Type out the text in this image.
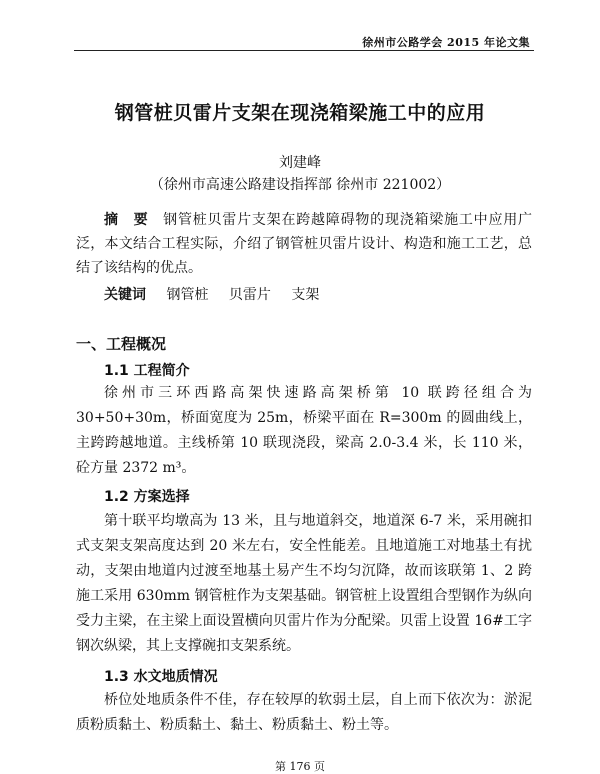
徐州市公路学会 2015 年论文集
钢管桩贝雷片支架在现浇箱梁施工中的应用
刘建峰
（徐州市高速公路建设指挥部 徐州市 221002）
摘　要　 钢管桩贝雷片支架在跨越障碍物的现浇箱梁施工中应用广泛，本文结合工程实际，介绍了钢管桩贝雷片设计、构造和施工工艺，总结了该结构的优点。
关键词 钢管桩 贝雷片 支架
一、工程概况
1.1 工程简介
徐州市三环西路高架快速路高架桥第 10 联跨径组合为 30+50+30m，桥面宽度为 25m，桥梁平面在 R=300m 的圆曲线上，主跨跨越地道。主线桥第 10 联现浇段，梁高 2.0-3.4 米，长 110 米，砼方量 2372 m³。
1.2 方案选择
第十联平均墩高为 13 米，且与地道斜交，地道深 6-7 米，采用碗扣式支架支架高度达到 20 米左右，安全性能差。且地道施工对地基土有扰动，支架由地道内过渡至地基土易产生不均匀沉降，故而该联第 1、2 跨施工采用 630mm 钢管桩作为支架基础。钢管桩上设置组合型钢作为纵向受力主梁，在主梁上面设置横向贝雷片作为分配梁。贝雷上设置 16#工字钢次纵梁，其上支撑碗扣支架系统。
1.3 水文地质情况
桥位处地质条件不佳，存在较厚的软弱土层，自上而下依次为：淤泥质粉质黏土、粉质黏土、黏土、粉质黏土、粉土等。
第 176 页
